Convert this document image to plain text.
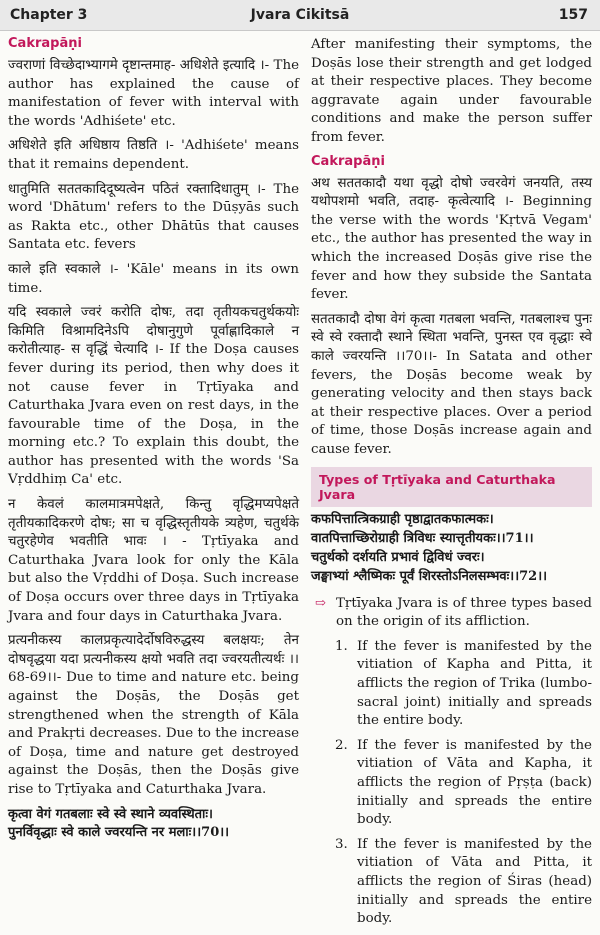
Chapter 3	Jvara Cikitsā	157
Cakrapāṇi

ज्वराणां विच्छेदाभ्यागमे दृष्टान्तमाह- अधिशेते इत्यादि ।- The author has explained the cause of manifestation of fever with interval with the words 'Adhiśete' etc.

अधिशेते इति अधिष्ठाय तिष्ठति ।- 'Adhiśete' means that it remains dependent.

धातुमिति सततकादिदूष्यत्वेन पठितं रक्तादिधातुम् ।- The word 'Dhātum' refers to the Dūṣyās such as Rakta etc., other Dhātūs that causes Santata etc. fevers

काले इति स्वकाले ।- 'Kāle' means in its own time.

यदि स्वकाले ज्वरं करोति दोषः, तदा तृतीयकचतुर्थकयोः किमिति विश्रामदिनेऽपि दोषानुगुणे पूर्वाह्णादिकाले न करोतीत्याह- स वृद्धिं चेत्यादि ।- If the Doṣa causes fever during its period, then why does it not cause fever in Tṛtīyaka and Caturthaka Jvara even on rest days, in the favourable time of the Doṣa, in the morning etc.? To explain this doubt, the author has presented with the words 'Sa Vṛddhiṃ Ca' etc.

न केवलं कालमात्रमपेक्षते, किन्तु वृद्धिमप्यपेक्षते तृतीयकादिकरणे दोषः; सा च वृद्धिस्तृतीयके त्र्यहेण, चतुर्थके चतुरहेणेव भवतीति भावः । - Tṛtīyaka and Caturthaka Jvara look for only the Kāla but also the Vṛddhi of Doṣa. Such increase of Doṣa occurs over three days in Tṛtīyaka Jvara and four days in Caturthaka Jvara.

प्रत्यनीकस्य कालप्रकृत्यादेर्दोषविरुद्धस्य बलक्षयः; तेन दोषवृद्धया यदा प्रत्यनीकस्य क्षयो भवति तदा ज्वरयतीत्यर्थः ।।68-69।।- Due to time and nature etc. being against the Doṣās, the Doṣās get strengthened when the strength of Kāla and Prakṛti decreases. Due to the increase of Doṣa, time and nature get destroyed against the Doṣās, then the Doṣās give rise to Tṛtīyaka and Caturthaka Jvara.

कृत्वा वेगं गतबलाः स्वे स्वे स्थाने व्यवस्थिताः।
पुनर्विवृद्धाः स्वे काले ज्वरयन्ति नर मलाः।।70।।

After manifesting their symptoms, the Doṣās lose their strength and get lodged at their respective places. They become aggravate again under favourable conditions and make the person suffer from fever.

Cakrapāṇi

अथ सततकादौ यथा वृद्धो दोषो ज्वरवेगं जनयति, तस्य यथोपशमो भवति, तदाह- कृत्वेत्यादि ।- Beginning the verse with the words 'Kṛtvā Vegam' etc., the author has presented the way in which the increased Doṣās give rise the fever and how they subside the Santata fever.

सततकादौ दोषा वेगं कृत्वा गतबला भवन्ति, गतबलाश्च पुनः स्वे स्वे रक्तादौ स्थाने स्थिता भवन्ति, पुनस्त एव वृद्धाः स्वे काले ज्वरयन्ति ।।70।।- In Satata and other fevers, the Doṣās become weak by generating velocity and then stays back at their respective places. Over a period of time, those Doṣās increase again and cause fever.

Types of Tṛtīyaka and Caturthaka Jvara
कफपित्तात्त्रिकग्राही पृष्ठाद्वातकफात्मकः।
वातपित्ताच्छिरोग्राही त्रिविधः स्यात्तृतीयकः।।71।।
चतुर्थको दर्शयति प्रभावं द्विविधं ज्वरः।
जङ्घाभ्यां श्लैष्मिकः पूर्वं शिरस्तोऽनिलसम्भवः।।72।।

⇨ Tṛtīyaka Jvara is of three types based on the origin of its affliction.

1. If the fever is manifested by the vitiation of Kapha and Pitta, it afflicts the region of Trika (lumbo-sacral joint) initially and spreads the entire body.

2. If the fever is manifested by the vitiation of Vāta and Kapha, it afflicts the region of Pṛṣṭa (back) initially and spreads the entire body.

3. If the fever is manifested by the vitiation of Vāta and Pitta, it afflicts the region of Śiras (head) initially and spreads the entire body.
